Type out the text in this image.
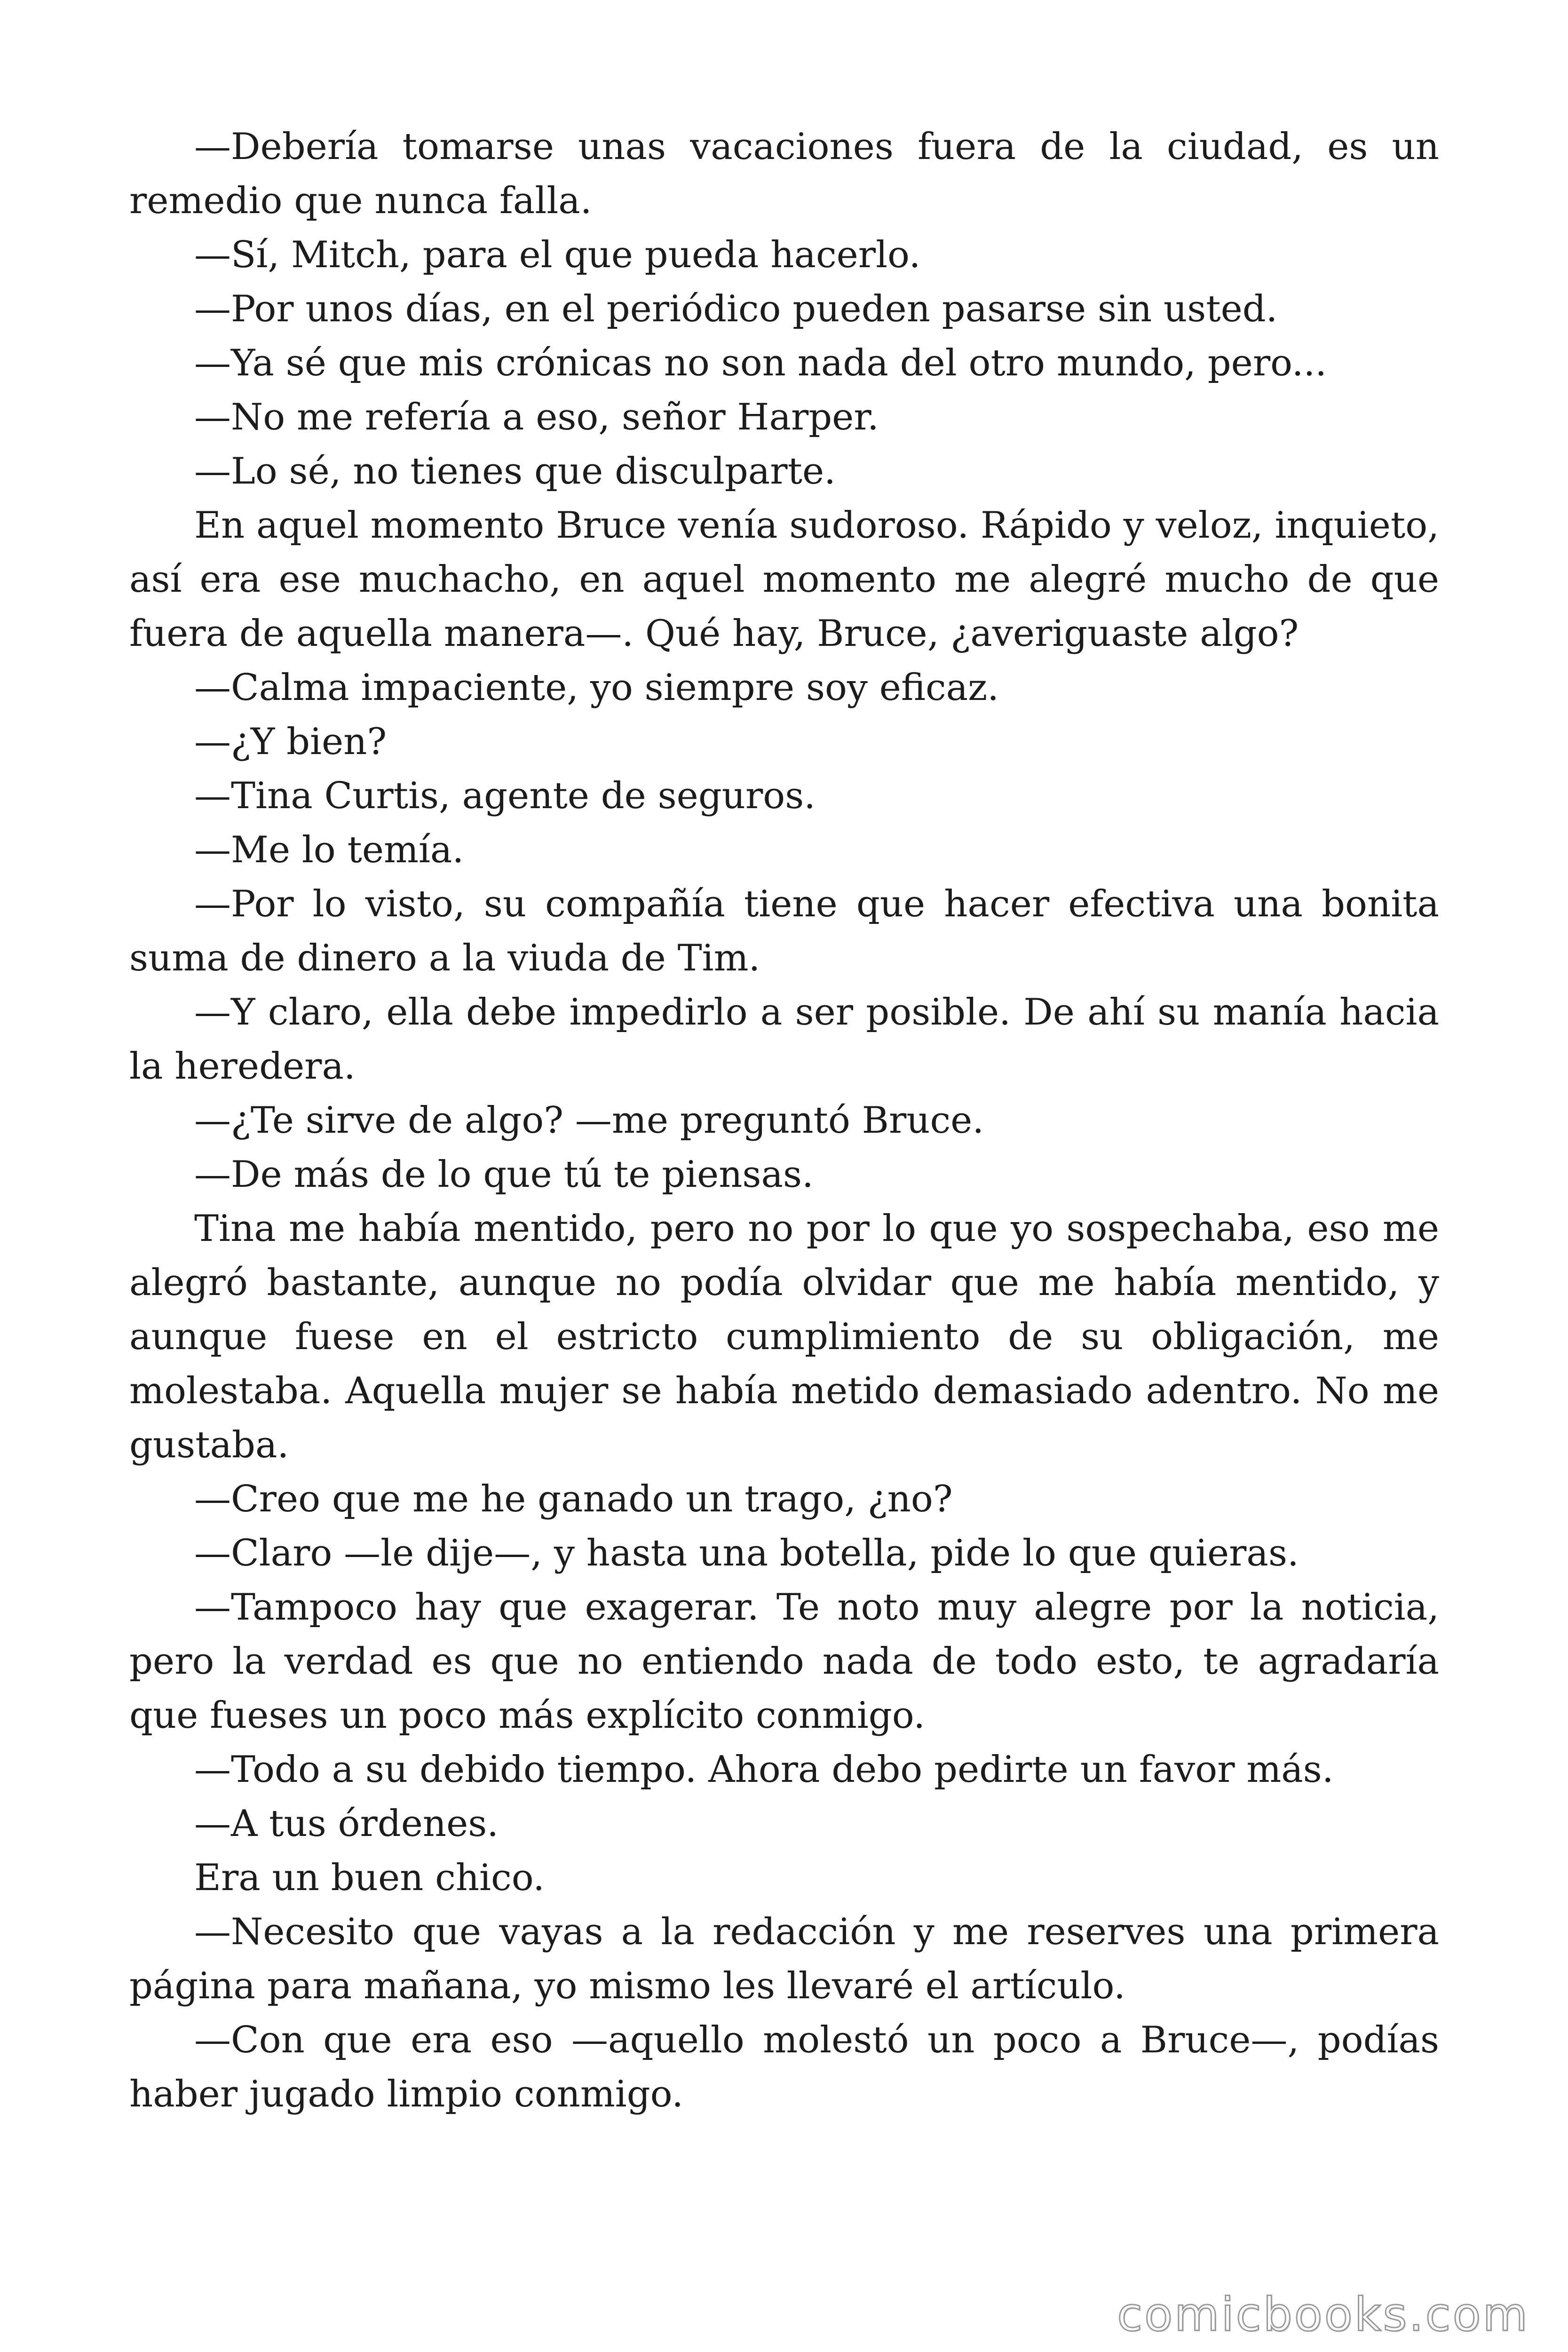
—Debería tomarse unas vacaciones fuera de la ciudad, es un remedio que nunca falla.

—Sí, Mitch, para el que pueda hacerlo.

—Por unos días, en el periódico pueden pasarse sin usted.

—Ya sé que mis crónicas no son nada del otro mundo, pero...

—No me refería a eso, señor Harper.

—Lo sé, no tienes que disculparte.

En aquel momento Bruce venía sudoroso. Rápido y veloz, inquieto, así era ese muchacho, en aquel momento me alegré mucho de que fuera de aquella manera—. Qué hay, Bruce, ¿averiguaste algo?

—Calma impaciente, yo siempre soy eficaz.

—¿Y bien?

—Tina Curtis, agente de seguros.

—Me lo temía.

—Por lo visto, su compañía tiene que hacer efectiva una bonita suma de dinero a la viuda de Tim.

—Y claro, ella debe impedirlo a ser posible. De ahí su manía hacia la heredera.

—¿Te sirve de algo? —me preguntó Bruce.

—De más de lo que tú te piensas.

Tina me había mentido, pero no por lo que yo sospechaba, eso me alegró bastante, aunque no podía olvidar que me había mentido, y aunque fuese en el estricto cumplimiento de su obligación, me molestaba. Aquella mujer se había metido demasiado adentro. No me gustaba.

—Creo que me he ganado un trago, ¿no?

—Claro —le dije—, y hasta una botella, pide lo que quieras.

—Tampoco hay que exagerar. Te noto muy alegre por la noticia, pero la verdad es que no entiendo nada de todo esto, te agradaría que fueses un poco más explícito conmigo.

—Todo a su debido tiempo. Ahora debo pedirte un favor más.

—A tus órdenes.

Era un buen chico.

—Necesito que vayas a la redacción y me reserves una primera página para mañana, yo mismo les llevaré el artículo.

—Con que era eso —aquello molestó un poco a Bruce—, podías haber jugado limpio conmigo.

comicbooks.com
